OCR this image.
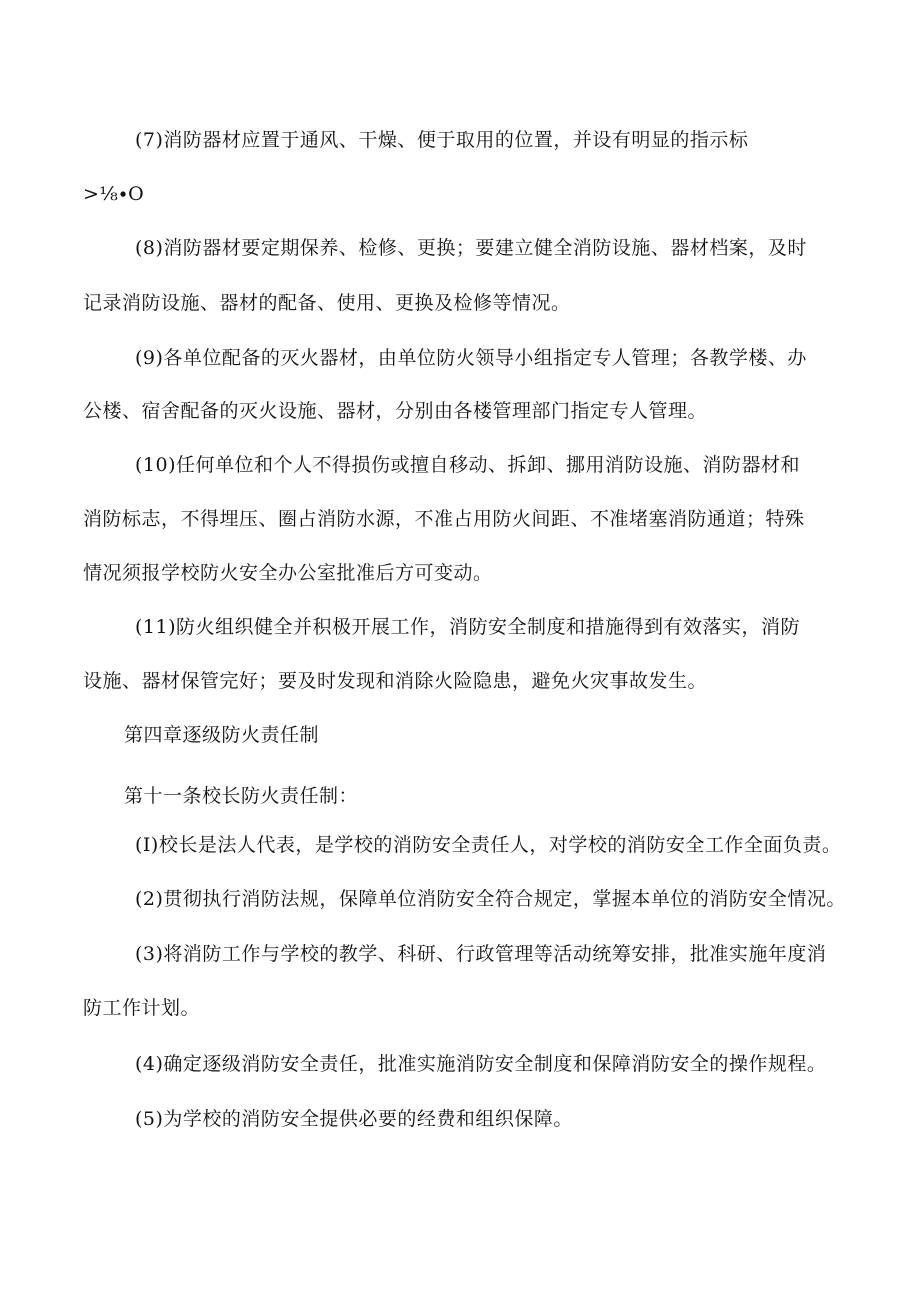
(7)消防器材应置于通风、干燥、便于取用的位置，并设有明显的指示标
>⅛∙O
(8)消防器材要定期保养、检修、更换；要建立健全消防设施、器材档案，及时
记录消防设施、器材的配备、使用、更换及检修等情况。
(9)各单位配备的灭火器材，由单位防火领导小组指定专人管理；各教学楼、办
公楼、宿舍配备的灭火设施、器材，分别由各楼管理部门指定专人管理。
(10)任何单位和个人不得损伤或擅自移动、拆卸、挪用消防设施、消防器材和
消防标志，不得埋压、圈占消防水源，不准占用防火间距、不准堵塞消防通道；特殊
情况须报学校防火安全办公室批准后方可变动。
(11)防火组织健全并积极开展工作，消防安全制度和措施得到有效落实，消防
设施、器材保管完好；要及时发现和消除火险隐患，避免火灾事故发生。
第四章逐级防火责任制
第十一条校长防火责任制：
(I)校长是法人代表，是学校的消防安全责任人，对学校的消防安全工作全面负责。
(2)贯彻执行消防法规，保障单位消防安全符合规定，掌握本单位的消防安全情况。
(3)将消防工作与学校的教学、科研、行政管理等活动统筹安排，批准实施年度消
防工作计划。
(4)确定逐级消防安全责任，批准实施消防安全制度和保障消防安全的操作规程。
(5)为学校的消防安全提供必要的经费和组织保障。
